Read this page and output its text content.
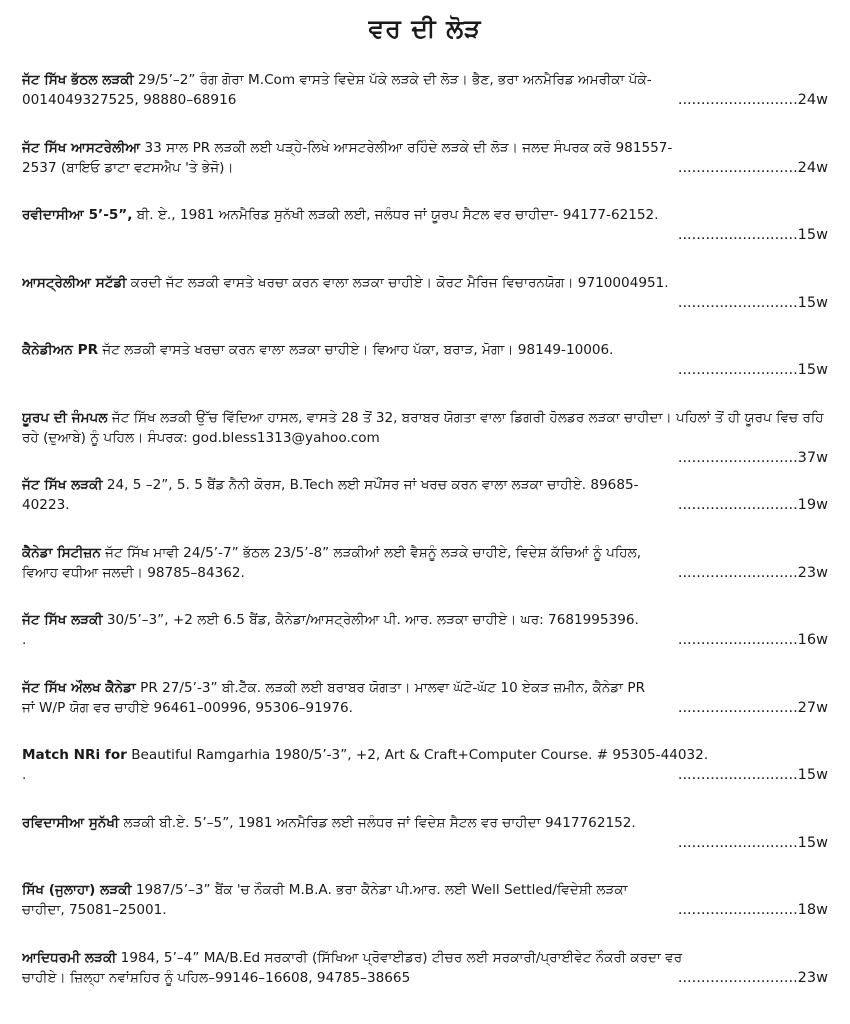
ਵਰ ਦੀ ਲੋੜ
ਜੱਟ ਸਿੱਖ ਭੱਠਲ ਲੜਕੀ 29/5’–2” ਰੰਗ ਗੋਰਾ M.Com ਵਾਸਤੇ ਵਿਦੇਸ਼ ਪੱਕੇ ਲੜਕੇ ਦੀ ਲੋੜ। ਭੈਣ, ਭਰਾ ਅਨਮੈਰਿਡ ਅਮਰੀਕਾ ਪੱਕੇ-
0014049327525, 98880–68916	..........................24w
ਜੱਟ ਸਿੱਖ ਆਸਟਰੇਲੀਆ 33 ਸਾਲ PR ਲੜਕੀ ਲਈ ਪੜ੍ਹੇ-ਲਿਖੇ ਆਸਟਰੇਲੀਆ ਰਹਿੰਦੇ ਲੜਕੇ ਦੀ ਲੋੜ। ਜਲਦ ਸੰਪਰਕ ਕਰੋ 981557-
2537 (ਬਾਇਓ ਡਾਟਾ ਵਟਸਐਪ 'ਤੇ ਭੇਜੋ)।	..........................24w
ਰਵੀਦਾਸੀਆ 5’-5”, ਬੀ. ਏ., 1981 ਅਨਮੈਰਿਡ ਸੁਨੱਖੀ ਲੜਕੀ ਲਈ, ਜਲੰਧਰ ਜਾਂ ਯੂਰਪ ਸੈਟਲ ਵਰ ਚਾਹੀਦਾ- 94177-62152.
..........................15w
ਆਸਟ੍ਰੇਲੀਆ ਸਟੱਡੀ ਕਰਦੀ ਜੱਟ ਲੜਕੀ ਵਾਸਤੇ ਖਰਚਾ ਕਰਨ ਵਾਲਾ ਲੜਕਾ ਚਾਹੀਏ। ਕੋਰਟ ਮੈਰਿਜ ਵਿਚਾਰਨਯੋਗ। 9710004951.
..........................15w
ਕੈਨੇਡੀਅਨ PR ਜੱਟ ਲੜਕੀ ਵਾਸਤੇ ਖਰਚਾ ਕਰਨ ਵਾਲਾ ਲੜਕਾ ਚਾਹੀਏ। ਵਿਆਹ ਪੱਕਾ, ਬਰਾੜ, ਮੋਗਾ। 98149-10006.
..........................15w
ਯੂਰਪ ਦੀ ਜੰਮਪਲ ਜੱਟ ਸਿੱਖ ਲੜਕੀ ਉੱਚ ਵਿੱਦਿਆ ਹਾਸਲ, ਵਾਸਤੇ 28 ਤੋਂ 32, ਬਰਾਬਰ ਯੋਗਤਾ ਵਾਲਾ ਡਿਗਰੀ ਹੋਲਡਰ ਲੜਕਾ ਚਾਹੀਦਾ। ਪਹਿਲਾਂ ਤੋਂ ਹੀ ਯੂਰਪ ਵਿਚ ਰਹਿ ਰਹੇ (ਦੁਆਬੇ) ਨੂੰ ਪਹਿਲ। ਸੰਪਰਕ: god.bless1313@yahoo.com
..........................37w
ਜੱਟ ਸਿੱਖ ਲੜਕੀ 24, 5 –2”, 5. 5 ਬੈਂਡ ਨੈਨੀ ਕੋਰਸ, B.Tech ਲਈ ਸਪੌਂਸਰ ਜਾਂ ਖਰਚ ਕਰਨ ਵਾਲਾ ਲੜਕਾ ਚਾਹੀਏ. 89685-
40223.	..........................19w
ਕੈਨੇਡਾ ਸਿਟੀਜ਼ਨ ਜੱਟ ਸਿੱਖ ਮਾਵੀ 24/5’-7” ਭੱਠਲ 23/5’-8” ਲੜਕੀਆਂ ਲਈ ਵੈਸ਼ਨੂੰ ਲੜਕੇ ਚਾਹੀਏ, ਵਿਦੇਸ਼ ਕੱਚਿਆਂ ਨੂੰ ਪਹਿਲ,
ਵਿਆਹ ਵਧੀਆ ਜਲਦੀ। 98785–84362.	..........................23w
ਜੱਟ ਸਿੱਖ ਲੜਕੀ 30/5’–3”, +2 ਲਈ 6.5 ਬੈਂਡ, ਕੈਨੇਡਾ/ਆਸਟ੍ਰੇਲੀਆ ਪੀ. ਆਰ. ਲੜਕਾ ਚਾਹੀਏ। ਘਰ: 7681995396.
.	..........................16w
ਜੱਟ ਸਿੱਖ ਔਲਖ ਕੈਨੇਡਾ PR 27/5’-3” ਬੀ.ਟੈੱਕ. ਲੜਕੀ ਲਈ ਬਰਾਬਰ ਯੋਗਤਾ। ਮਾਲਵਾ ਘੱਟੋ-ਘੱਟ 10 ਏਕੜ ਜ਼ਮੀਨ, ਕੈਨੇਡਾ PR
ਜਾਂ W/P ਯੋਗ ਵਰ ਚਾਹੀਏ 96461–00996, 95306–91976.	..........................27w
Match NRi for Beautiful Ramgarhia 1980/5’-3”, +2, Art & Craft+Computer Course. # 95305-44032.
.	..........................15w
ਰਵਿਦਾਸੀਆ ਸੁਨੱਖੀ ਲੜਕੀ ਬੀ.ਏ. 5’–5”, 1981 ਅਨਮੈਰਿਡ ਲਈ ਜਲੰਧਰ ਜਾਂ ਵਿਦੇਸ਼ ਸੈਟਲ ਵਰ ਚਾਹੀਦਾ 9417762152.
..........................15w
ਸਿੱਖ (ਜੁਲਾਹਾ) ਲੜਕੀ 1987/5’–3” ਬੈਂਕ 'ਚ ਨੌਕਰੀ M.B.A. ਭਰਾ ਕੈਨੇਡਾ ਪੀ.ਆਰ. ਲਈ Well Settled/ਵਿਦੇਸ਼ੀ ਲੜਕਾ
ਚਾਹੀਦਾ, 75081–25001.	..........................18w
ਆਦਿਧਰਮੀ ਲੜਕੀ 1984, 5’–4” MA/B.Ed ਸਰਕਾਰੀ (ਸਿੱਖਿਆ ਪ੍ਰੋਵਾਈਡਰ) ਟੀਚਰ ਲਈ ਸਰਕਾਰੀ/ਪ੍ਰਾਈਵੇਟ ਨੌਕਰੀ ਕਰਦਾ ਵਰ
ਚਾਹੀਏ। ਜ਼ਿਲ੍ਹਾ ਨਵਾਂਸ਼ਹਿਰ ਨੂੰ ਪਹਿਲ–99146–16608, 94785–38665	..........................23w
